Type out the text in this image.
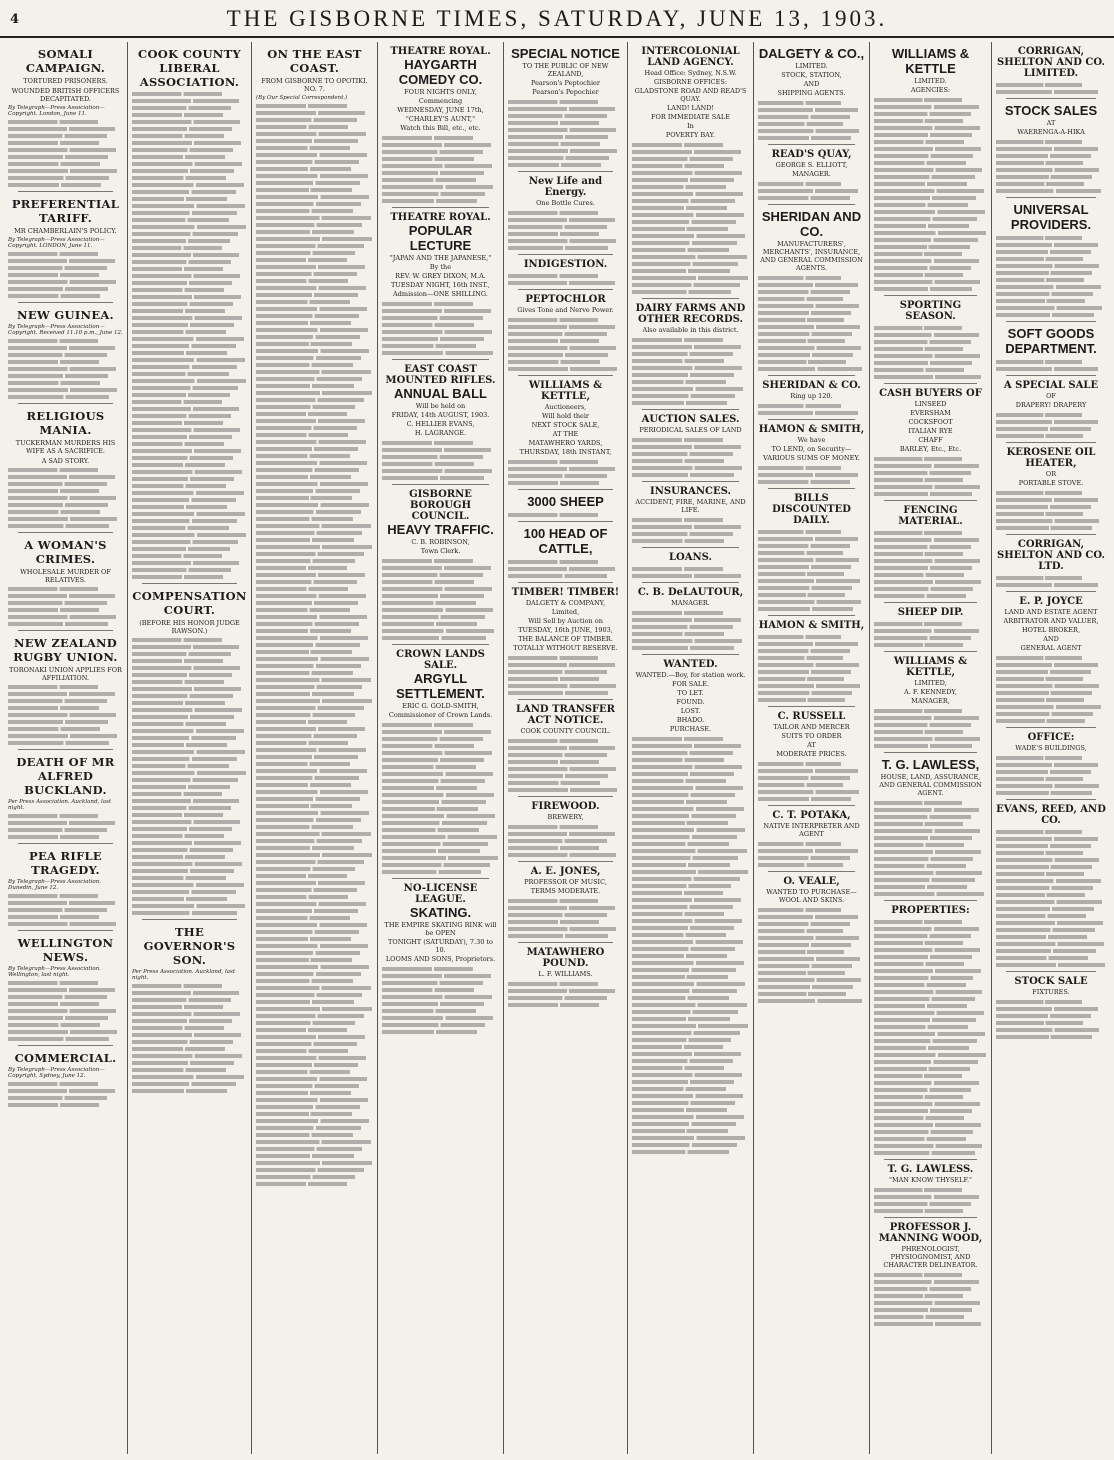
4	THE GISBORNE TIMES, SATURDAY, JUNE 13, 1903.
SOMALI CAMPAIGN.
TORTURED PRISONERS.
WOUNDED BRITISH OFFICERS DECAPITATED.
By Telegraph—Press Association—Copyright. London, June 11.
PREFERENTIAL TARIFF.
MR CHAMBERLAIN'S POLICY.
By Telegraph—Press Association—Copyright. LONDON, June 11.
NEW GUINEA.
By Telegraph—Press Association—Copyright. Received 11.10 p.m., June 12.
RELIGIOUS MANIA.
TUCKERMAN MURDERS HIS WIFE AS A SACRIFICE.
A SAD STORY.
A WOMAN'S CRIMES.
WHOLESALE MURDER OF RELATIVES.
NEW ZEALAND RUGBY UNION.
TORONAKI UNION APPLIES FOR AFFILIATION.
DEATH OF MR ALFRED BUCKLAND.
Per Press Association. Auckland, last night.
PEA RIFLE TRAGEDY.
By Telegraph—Press Association. Dunedin, June 12.
WELLINGTON NEWS.
By Telegraph—Press Association. Wellington, last night.
COMMERCIAL.
By Telegraph—Press Association—Copyright. Sydney, June 12.
COOK COUNTY LIBERAL ASSOCIATION.
COMPENSATION COURT.
(BEFORE HIS HONOR JUDGE RAWSON.)
THE GOVERNOR'S SON.
Per Press Association. Auckland, last night.
ON THE EAST COAST.
FROM GISBORNE TO OPOTIKI. NO. 7.
(By Our Special Correspondent.)
THEATRE ROYAL.
HAYGARTH COMEDY CO.
FOUR NIGHTS ONLY,
Commencing
WEDNESDAY, JUNE 17th,
"CHARLEY'S AUNT,"
Watch this Bill, etc., etc.
THEATRE ROYAL.
POPULAR LECTURE
"JAPAN AND THE JAPANESE,"
By the
REV. W. GREY DIXON, M.A.
TUESDAY NIGHT, 16th INST.,
Admission—ONE SHILLING.
EAST COAST MOUNTED RIFLES.
ANNUAL BALL
Will be held on
FRIDAY, 14th AUGUST, 1903.
C. HELLIER EVANS,
H. LAGRANGE.
GISBORNE BOROUGH COUNCIL.
HEAVY TRAFFIC.
C. B. ROBINSON,
Town Clerk.
CROWN LANDS SALE.
ARGYLL SETTLEMENT.
ERIC G. GOLD-SMITH,
Commissioner of Crown Lands.
NO-LICENSE LEAGUE.
SKATING.
THE EMPIRE SKATING RINK will be OPEN
TONIGHT (SATURDAY), 7.30 to 10.
LOOMS AND SONS, Proprietors.
SPECIAL NOTICE
TO THE PUBLIC OF NEW ZEALAND,
Pearson's Peptochier
Pearson's Pepochier
New Life and Energy.
One Bottle Cures.
INDIGESTION.
PEPTOCHLOR
Gives Tone and Nerve Power.
WILLIAMS & KETTLE,
Auctioneers,
Will hold their
NEXT STOCK SALE,
AT THE
MATAWHERO YARDS,
THURSDAY, 18th INSTANT,
3000 SHEEP
100 HEAD OF CATTLE,
TIMBER! TIMBER!
DALGETY & COMPANY,
Limited,
Will Sell by Auction on
TUESDAY, 16th JUNE, 1903,
THE BALANCE OF TIMBER.
TOTALLY WITHOUT RESERVE.
LAND TRANSFER ACT NOTICE.
COOK COUNTY COUNCIL.
FIREWOOD.
BREWERY,
A. E. JONES,
PROFESSOR OF MUSIC,
TERMS MODERATE.
MATAWHERO POUND.
L. F. WILLIAMS.
INTERCOLONIAL LAND AGENCY.
Head Office: Sydney, N.S.W.
GISBORNE OFFICES:
GLADSTONE ROAD AND READ'S QUAY.
LAND! LAND!
FOR IMMEDIATE SALE
In
POVERTY BAY.
DAIRY FARMS AND OTHER RECORDS.
Also available in this district.
AUCTION SALES.
PERIODICAL SALES OF LAND
INSURANCES.
ACCIDENT, FIRE, MARINE, AND LIFE.
LOANS.
C. B. DeLAUTOUR,
MANAGER.
WANTED.
WANTED.—Boy, for station work.
FOR SALE.
TO LET.
FOUND.
LOST.
BHADO.
PURCHASE.
DALGETY & CO.,
LIMITED.
STOCK, STATION,
AND
SHIPPING AGENTS.
READ'S QUAY,
GEORGE S. ELLIOTT,
MANAGER.
SHERIDAN AND CO.
MANUFACTURERS', MERCHANTS', INSURANCE, AND GENERAL COMMISSION AGENTS.
SHERIDAN & CO.
Ring up 120.
HAMON & SMITH,
We have
TO LEND, on Security—
VARIOUS SUMS OF MONEY.
BILLS DISCOUNTED DAILY.
HAMON & SMITH,
C. RUSSELL
TAILOR AND MERCER
SUITS TO ORDER
AT
MODERATE PRICES.
C. T. POTAKA,
NATIVE INTERPRETER AND AGENT
O. VEALE,
WANTED TO PURCHASE—WOOL AND SKINS.
WILLIAMS & KETTLE
LIMITED.
AGENCIES:
SPORTING SEASON.
CASH BUYERS OF
LINSEED
EVERSHAM
COCKSFOOT
ITALIAN RYE
CHAFF
BARLEY, Etc., Etc.
FENCING MATERIAL.
SHEEP DIP.
WILLIAMS & KETTLE,
LIMITED,
A. F. KENNEDY,
MANAGER,
T. G. LAWLESS,
HOUSE, LAND, ASSURANCE, AND GENERAL COMMISSION AGENT.
PROPERTIES:
T. G. LAWLESS.
"MAN KNOW THYSELF."
PROFESSOR J. MANNING WOOD,
PHRENOLOGIST, PHYSIOGNOMIST, AND CHARACTER DELINEATOR.
CORRIGAN, SHELTON AND CO. LIMITED.
STOCK SALES
AT
WAERENGA-A-HIKA
UNIVERSAL PROVIDERS.
SOFT GOODS DEPARTMENT.
A SPECIAL SALE
OF
DRAPERY! DRAPERY
KEROSENE OIL HEATER,
OR
PORTABLE STOVE.
CORRIGAN, SHELTON AND CO. LTD.
E. P. JOYCE
LAND AND ESTATE AGENT
ARBITRATOR AND VALUER,
HOTEL BROKER,
AND
GENERAL AGENT
OFFICE:
WADE'S BUILDINGS,
EVANS, REED, AND CO.
STOCK SALE
FIXTURES.
